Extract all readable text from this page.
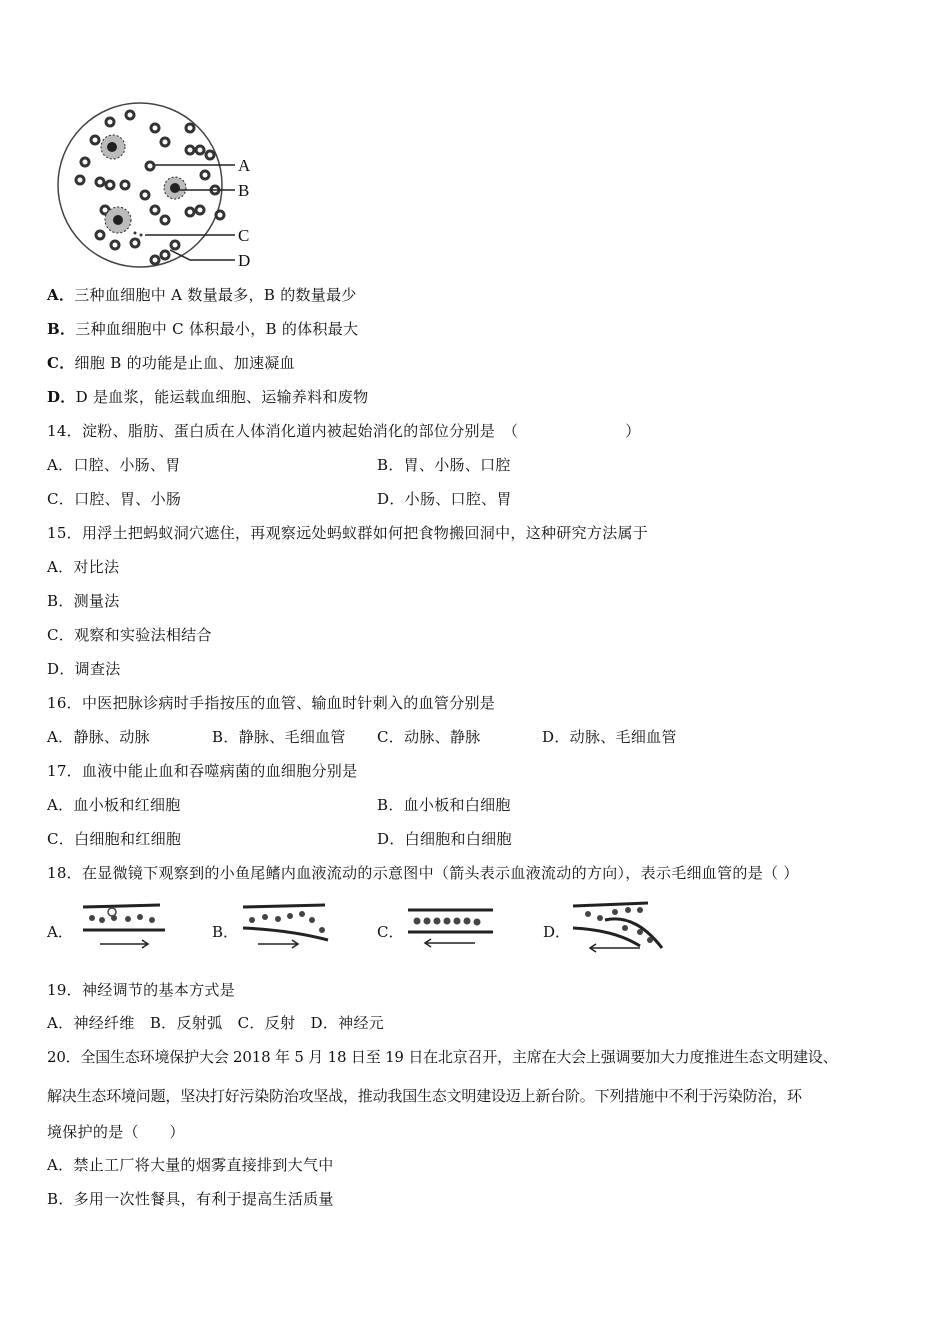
A
B
C
D
A．三种血细胞中 A 数量最多，B 的数量最少
B．三种血细胞中 C 体积最小，B 的体积最大
C．细胞 B 的功能是止血、加速凝血
D．D 是血浆，能运载血细胞、运输养料和废物
14．淀粉、脂肪、蛋白质在人体消化道内被起始消化的部位分别是　（　　　　　　　）
A．口腔、小肠、胃	B．胃、小肠、口腔
C．口腔、胃、小肠	D．小肠、口腔、胃
15．用浮土把蚂蚁洞穴遮住，再观察远处蚂蚁群如何把食物搬回洞中，这种研究方法属于
A．对比法
B．测量法
C．观察和实验法相结合
D．调查法
16．中医把脉诊病时手指按压的血管、输血时针刺入的血管分别是
A．静脉、动脉	B．静脉、毛细血管 C．动脉、静脉	D．动脉、毛细血管
17．血液中能止血和吞噬病菌的血细胞分别是
A．血小板和红细胞	B．血小板和白细胞
C．白细胞和红细胞	D．白细胞和白细胞
18．在显微镜下观察到的小鱼尾鳍内血液流动的示意图中（箭头表示血液流动的方向），表示毛细血管的是（ ）
A．	B．	C．	D．
19．神经调节的基本方式是
A．神经纤维 B．反射弧 C．反射 D．神经元
20．全国生态环境保护大会 2018 年 5 月 18 日至 19 日在北京召开，主席在大会上强调要加大力度推进生态文明建设、
解决生态环境问题，坚决打好污染防治攻坚战，推动我国生态文明建设迈上新台阶。下列措施中不利于污染防治，环
境保护的是（　　）
A．禁止工厂将大量的烟雾直接排到大气中
B．多用一次性餐具，有利于提高生活质量
